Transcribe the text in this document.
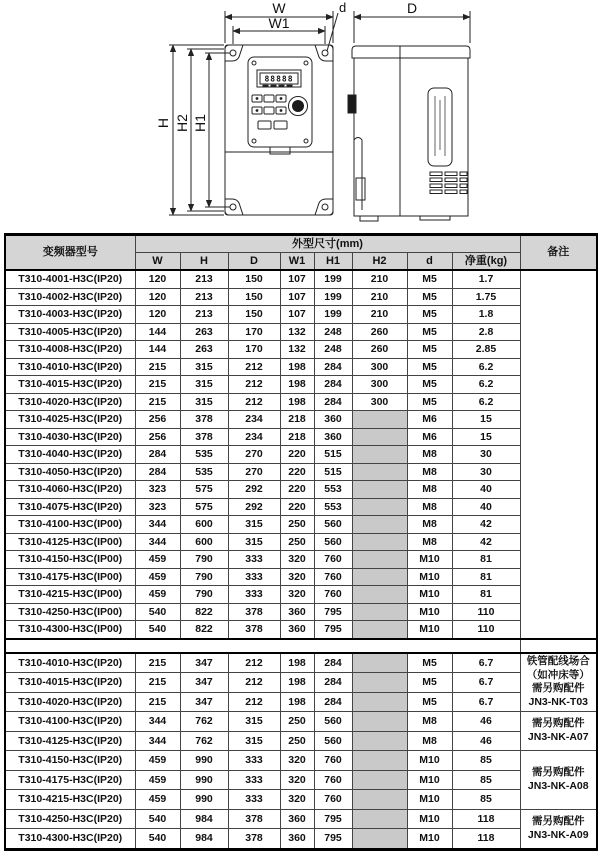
W
W1
D
H H2 H1
d
88888
变频器型号	外型尺寸(mm)								备注
	W	H	D	W1	H1	H2	d	净重(kg)	
T310-4001-H3C(IP20)	120	213	150	107	199	210	M5	1.7	
T310-4002-H3C(IP20)	120	213	150	107	199	210	M5	1.75	
T310-4003-H3C(IP20)	120	213	150	107	199	210	M5	1.8	
T310-4005-H3C(IP20)	144	263	170	132	248	260	M5	2.8	
T310-4008-H3C(IP20)	144	263	170	132	248	260	M5	2.85	
T310-4010-H3C(IP20)	215	315	212	198	284	300	M5	6.2	
T310-4015-H3C(IP20)	215	315	212	198	284	300	M5	6.2	
T310-4020-H3C(IP20)	215	315	212	198	284	300	M5	6.2	
T310-4025-H3C(IP20)	256	378	234	218	360		M6	15	
T310-4030-H3C(IP20)	256	378	234	218	360		M6	15	
T310-4040-H3C(IP20)	284	535	270	220	515		M8	30	
T310-4050-H3C(IP20)	284	535	270	220	515		M8	30	
T310-4060-H3C(IP20)	323	575	292	220	553		M8	40	
T310-4075-H3C(IP20)	323	575	292	220	553		M8	40	
T310-4100-H3C(IP00)	344	600	315	250	560		M8	42	
T310-4125-H3C(IP00)	344	600	315	250	560		M8	42	
T310-4150-H3C(IP00)	459	790	333	320	760		M10	81	
T310-4175-H3C(IP00)	459	790	333	320	760		M10	81	
T310-4215-H3C(IP00)	459	790	333	320	760		M10	81	
T310-4250-H3C(IP00)	540	822	378	360	795		M10	110	
T310-4300-H3C(IP00)	540	822	378	360	795		M10	110	

T310-4010-H3C(IP20)	215	347	212	198	284		M5	6.7	铁管配线场合
（如冲床等）
需另购配件
JN3-NK-T03
T310-4015-H3C(IP20)	215	347	212	198	284		M5	6.7	
T310-4020-H3C(IP20)	215	347	212	198	284		M5	6.7	
T310-4100-H3C(IP20)	344	762	315	250	560		M8	46	需另购配件
JN3-NK-A07
T310-4125-H3C(IP20)	344	762	315	250	560		M8	46	
T310-4150-H3C(IP20)	459	990	333	320	760		M10	85	需另购配件
JN3-NK-A08
T310-4175-H3C(IP20)	459	990	333	320	760		M10	85	
T310-4215-H3C(IP20)	459	990	333	320	760		M10	85	
T310-4250-H3C(IP20)	540	984	378	360	795		M10	118	需另购配件
JN3-NK-A09
T310-4300-H3C(IP20)	540	984	378	360	795		M10	118	
